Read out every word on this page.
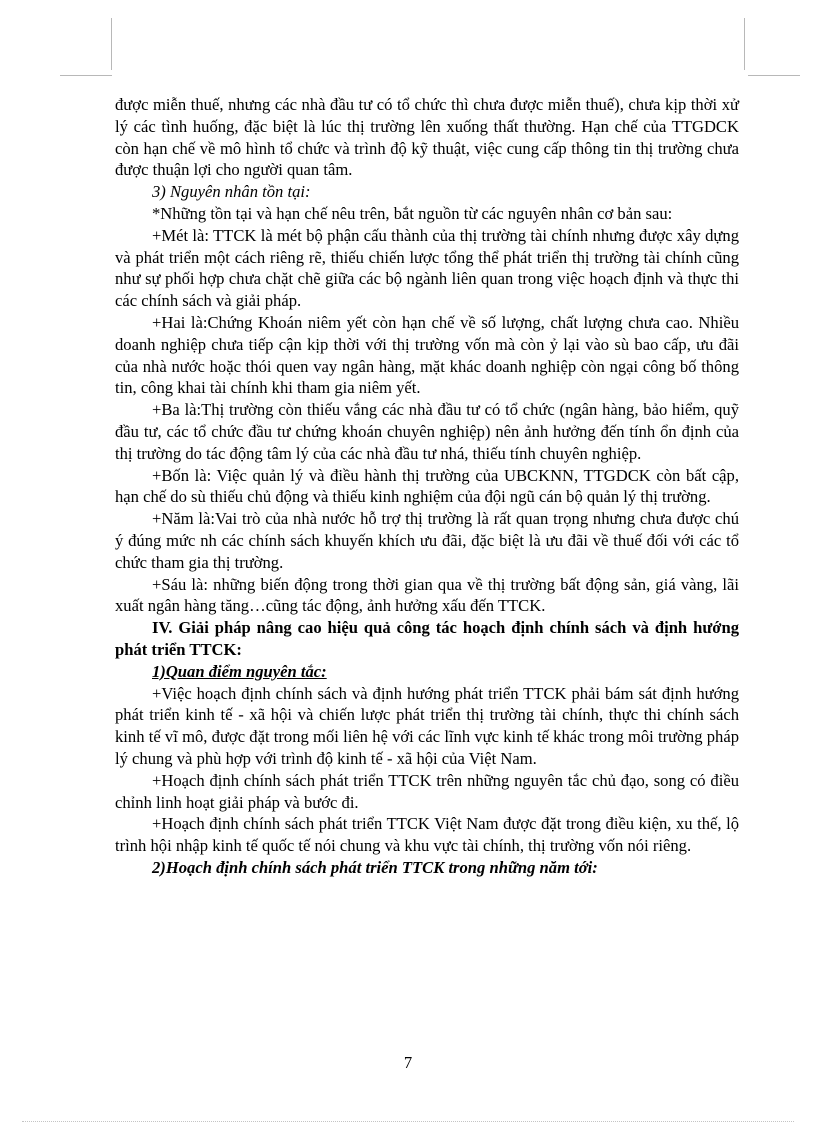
được miễn thuế, nhưng các nhà đầu tư có tổ chức thì chưa được miễn thuế), chưa kịp thời xử lý các tình huống, đặc biệt là lúc thị trường lên xuống thất thường. Hạn chế của TTGDCK còn hạn chế về mô hình tổ chức và trình độ kỹ thuật, việc cung cấp thông tin thị trường chưa được thuận lợi cho người quan tâm.

3) Nguyên nhân tồn tại:

*Những tồn tại và hạn chế nêu trên, bắt nguồn từ các nguyên nhân cơ bản sau:

+Mét là: TTCK là mét bộ phận cấu thành của thị trường tài chính nhưng được xây dựng và phát triển một cách riêng rẽ, thiếu chiến lược tổng thể phát triển thị trường tài chính cũng như sự phối hợp chưa chặt chẽ giữa các bộ ngành liên quan trong việc hoạch định và thực thi các chính sách và giải pháp.

+Hai là:Chứng Khoán niêm yết còn hạn chế về số lượng, chất lượng chưa cao. Nhiều doanh nghiệp chưa tiếp cận kịp thời với thị trường vốn mà còn ỷ lại vào sù bao cấp, ưu đãi của nhà nước hoặc thói quen vay ngân hàng, mặt khác doanh nghiệp còn ngại công bố thông tin, công khai tài chính khi tham gia niêm yết.

+Ba là:Thị trường còn thiếu vắng các nhà đầu tư có tổ chức (ngân hàng, bảo hiểm, quỹ đầu tư, các tổ chức đầu tư chứng khoán chuyên nghiệp) nên ảnh hưởng đến tính ổn định của thị trường do tác động tâm lý của các nhà đầu tư nhá, thiếu tính chuyên nghiệp.

+Bốn là: Việc quản lý và điều hành thị trường của UBCKNN, TTGDCK còn bất cập, hạn chế do sù thiếu chủ động và thiếu kinh nghiệm của đội ngũ cán bộ quản lý thị trường.

+Năm là:Vai trò của nhà nước hỗ trợ thị trường là rất quan trọng nhưng chưa được chú ý đúng mức nh các chính sách khuyến khích ưu đãi, đặc biệt là ưu đãi về thuế đối với các tổ chức tham gia thị trường.

+Sáu là: những biến động trong thời gian qua về thị trường bất động sản, giá vàng, lãi xuất ngân hàng tăng…cũng tác động, ảnh hưởng xấu đến TTCK.

IV. Giải pháp nâng cao hiệu quả công tác hoạch định chính sách và định hướng phát triển TTCK:

1)Quan điểm nguyên tắc:

+Việc hoạch định chính sách và định hướng phát triển TTCK phải bám sát định hướng phát triển kinh tế - xã hội và chiến lược phát triển thị trường tài chính, thực thi chính sách kinh tế vĩ mô, được đặt trong mối liên hệ với các lĩnh vực kinh tế khác trong môi trường pháp lý chung và phù hợp với trình độ kinh tế - xã hội của Việt Nam.

+Hoạch định chính sách phát triển TTCK trên những nguyên tắc chủ đạo, song có điều chỉnh linh hoạt giải pháp và bước đi.

+Hoạch định chính sách phát triển TTCK Việt Nam được đặt trong điều kiện, xu thế, lộ trình hội nhập kinh tế quốc tế nói chung và khu vực tài chính, thị trường vốn nói riêng.

2)Hoạch định chính sách phát triển TTCK trong những năm tới:

7
